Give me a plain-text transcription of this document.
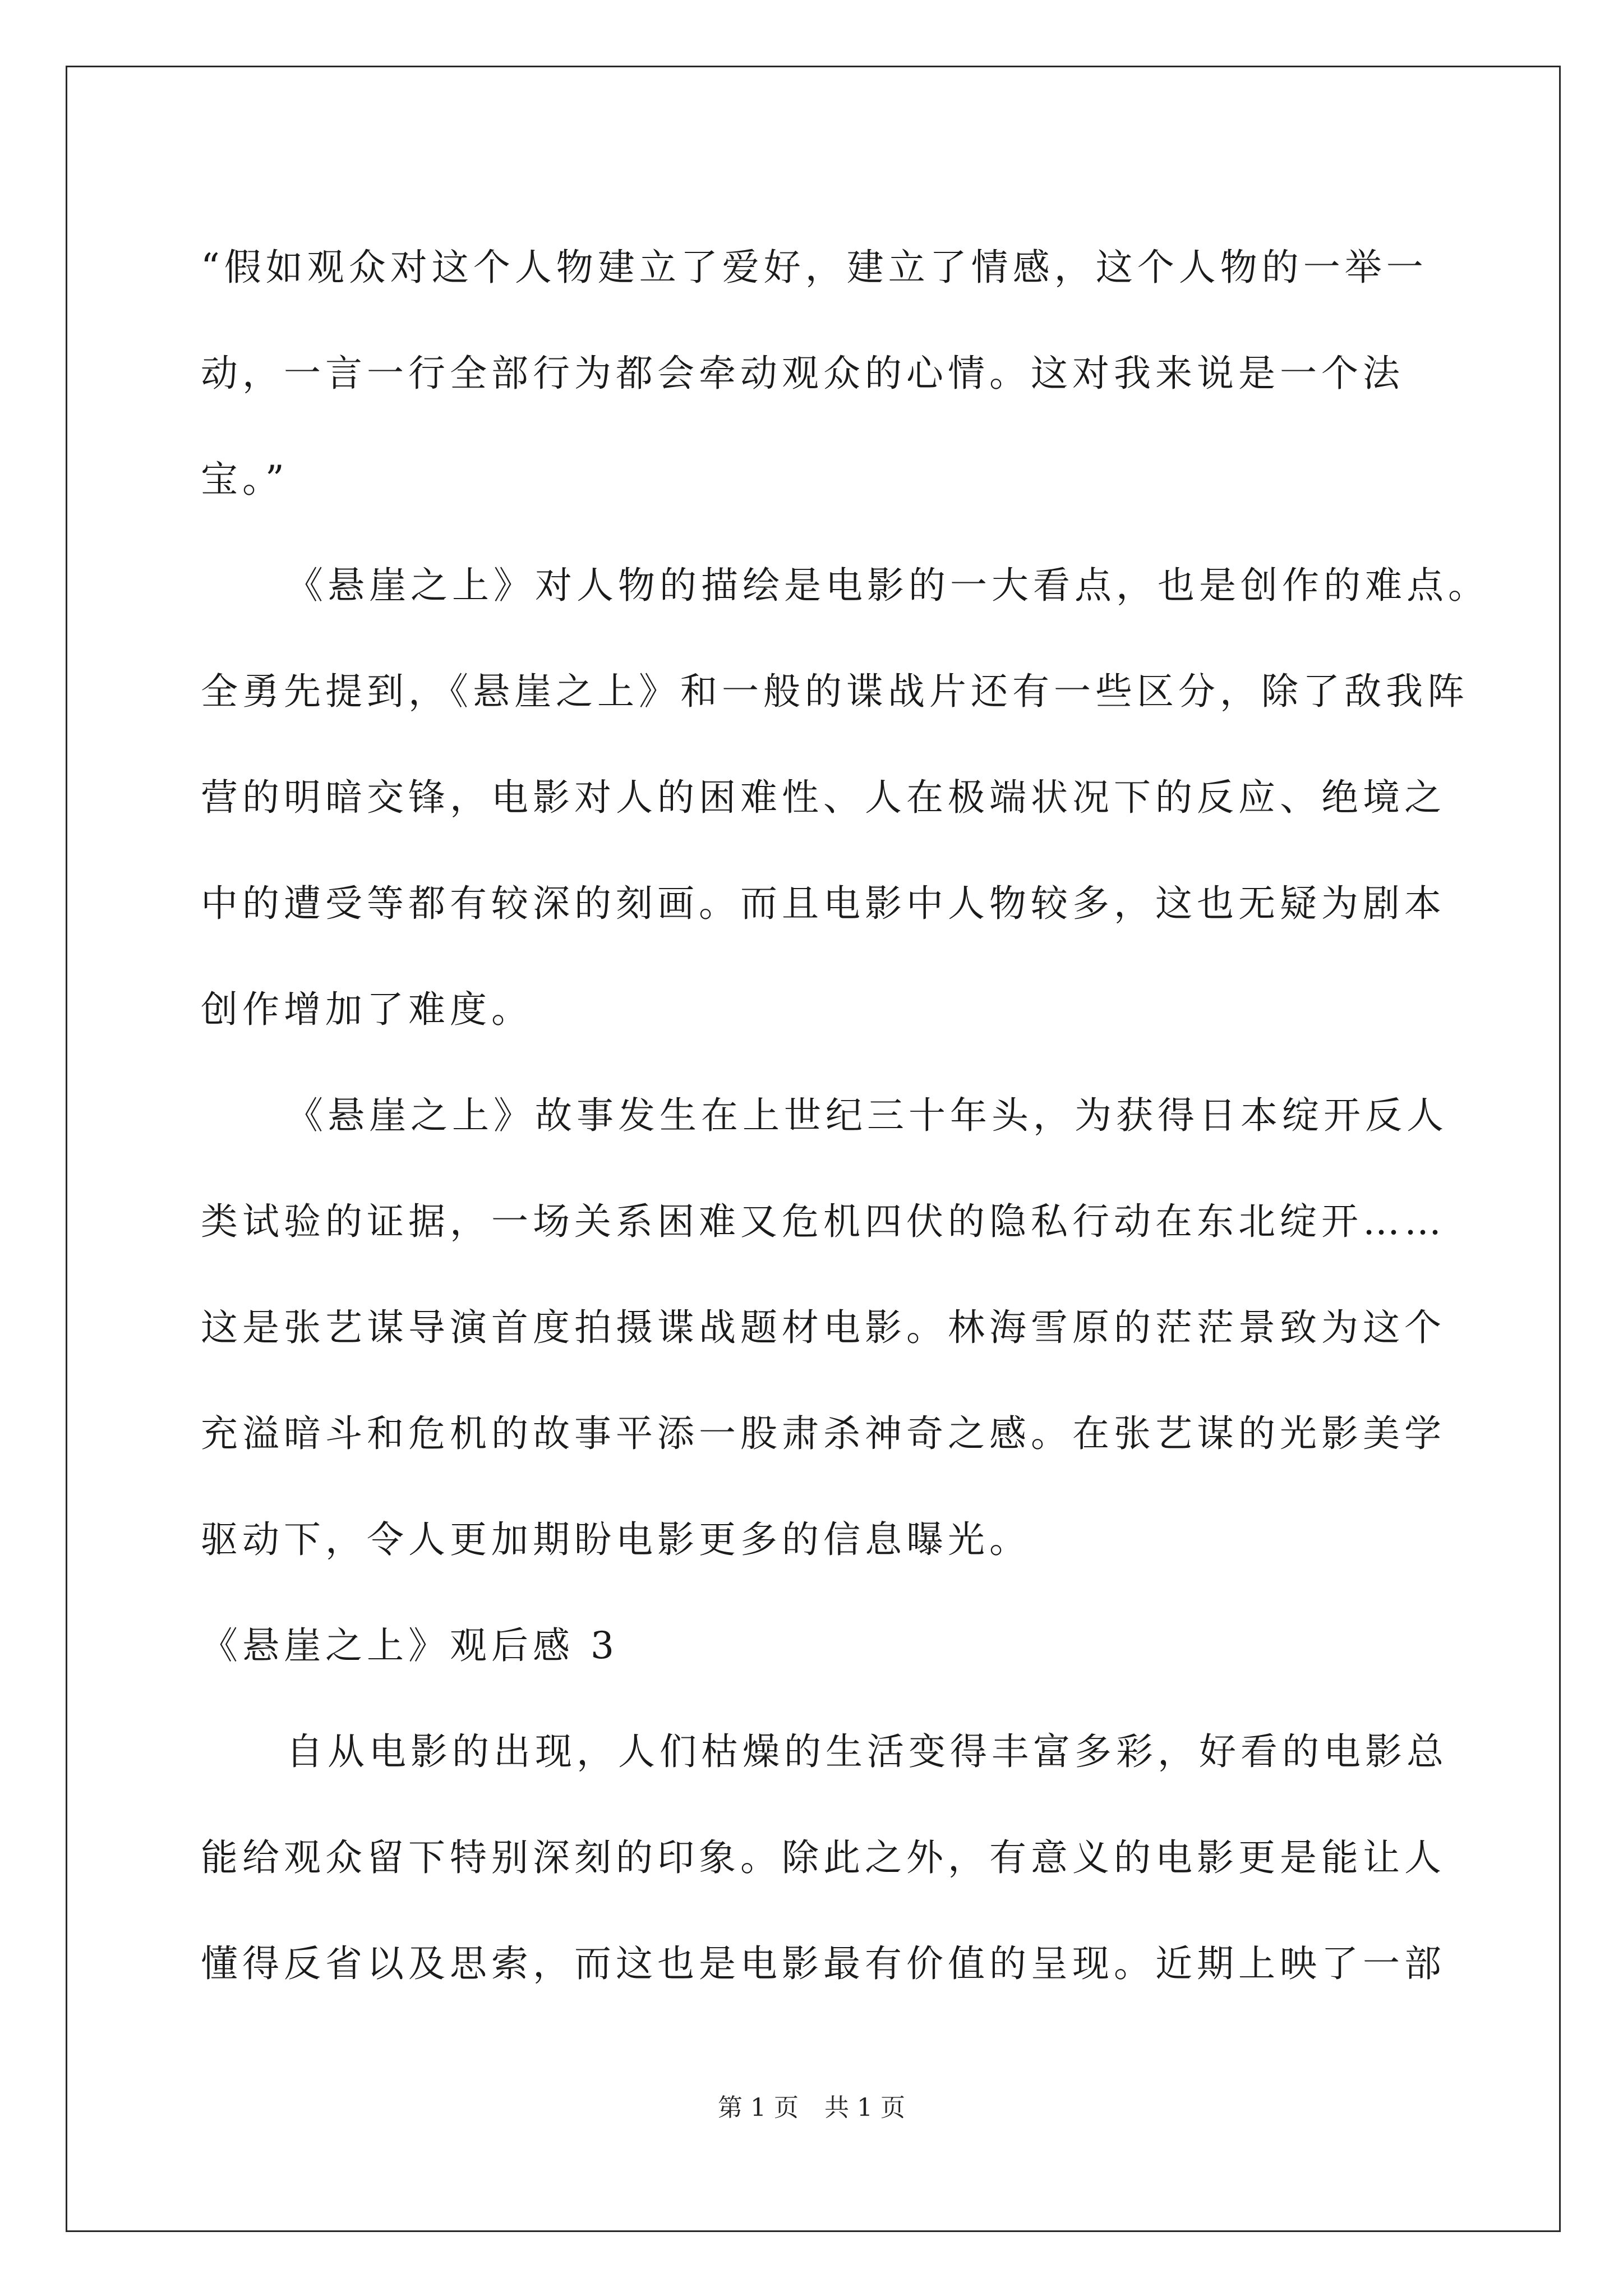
“假如观众对这个人物建立了爱好，建立了情感，这个人物的一举一
动，一言一行全部行为都会牵动观众的心情。这对我来说是一个法
宝。”
《悬崖之上》对人物的描绘是电影的一大看点，也是创作的难点。
全勇先提到，《悬崖之上》和一般的谍战片还有一些区分，除了敌我阵
营的明暗交锋，电影对人的困难性、人在极端状况下的反应、绝境之
中的遭受等都有较深的刻画。而且电影中人物较多，这也无疑为剧本
创作增加了难度。
《悬崖之上》故事发生在上世纪三十年头，为获得日本绽开反人
类试验的证据，一场关系困难又危机四伏的隐私行动在东北绽开……
这是张艺谋导演首度拍摄谍战题材电影。林海雪原的茫茫景致为这个
充溢暗斗和危机的故事平添一股肃杀神奇之感。在张艺谋的光影美学
驱动下，令人更加期盼电影更多的信息曝光。
《悬崖之上》观后感 3
自从电影的出现，人们枯燥的生活变得丰富多彩，好看的电影总
能给观众留下特别深刻的印象。除此之外，有意义的电影更是能让人
懂得反省以及思索，而这也是电影最有价值的呈现。近期上映了一部
第 1 页 共 1 页
